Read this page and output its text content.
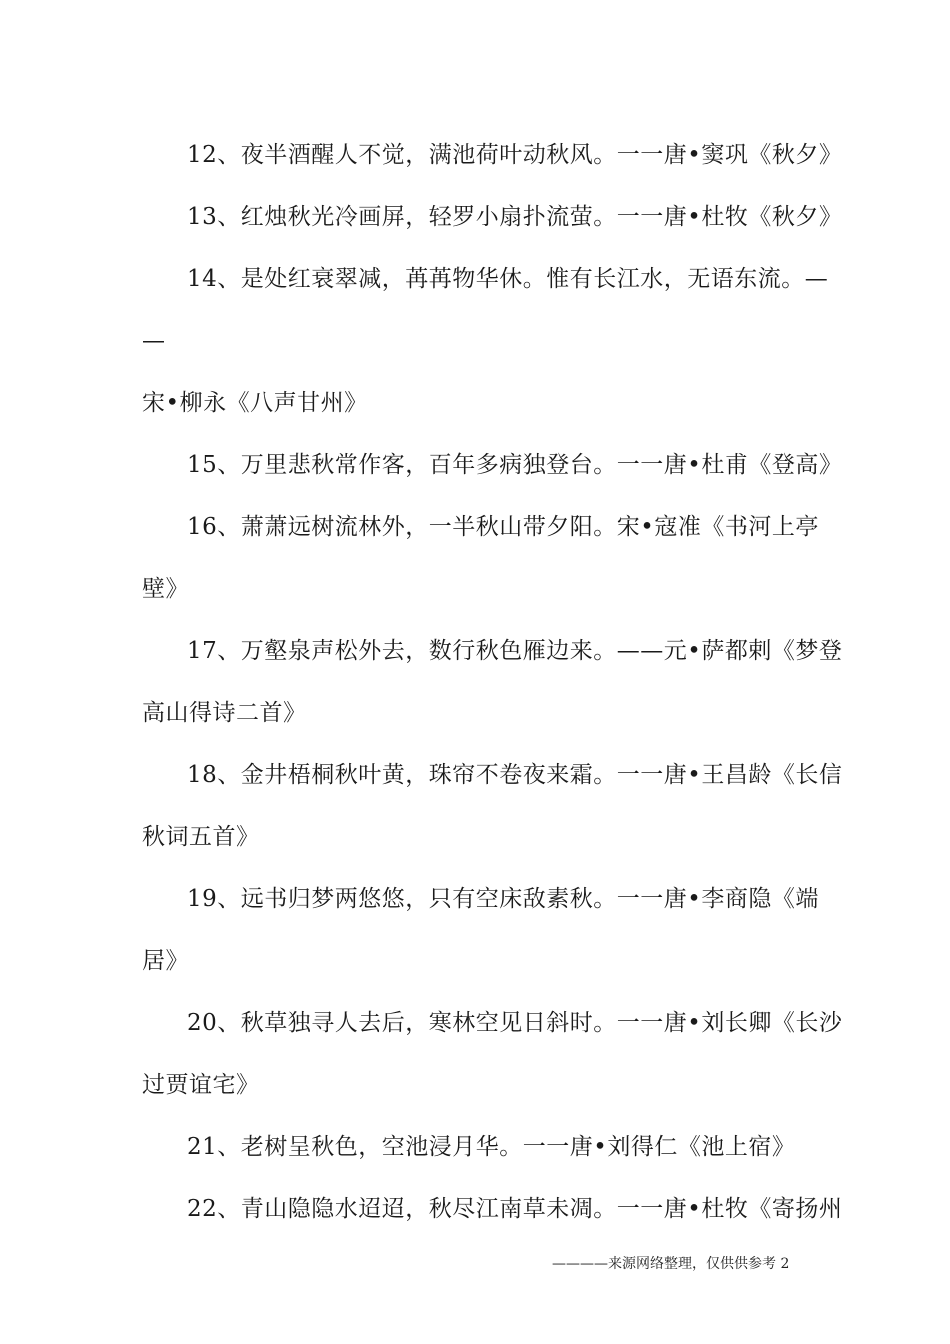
12、夜半酒醒人不觉，满池荷叶动秋风。一一唐•窦巩《秋夕》
13、红烛秋光冷画屏，轻罗小扇扑流萤。一一唐•杜牧《秋夕》
14、是处红衰翠减，苒苒物华休。惟有长江水，无语东流。—
—
宋•柳永《八声甘州》
15、万里悲秋常作客，百年多病独登台。一一唐•杜甫《登高》
16、萧萧远树流林外，一半秋山带夕阳。宋•寇准《书河上亭
壁》
17、万壑泉声松外去，数行秋色雁边来。——元•萨都剌《梦登
高山得诗二首》
18、金井梧桐秋叶黄，珠帘不卷夜来霜。一一唐•王昌龄《长信
秋词五首》
19、远书归梦两悠悠，只有空床敌素秋。一一唐•李商隐《端
居》
20、秋草独寻人去后，寒林空见日斜时。一一唐•刘长卿《长沙
过贾谊宅》
21、老树呈秋色，空池浸月华。一一唐•刘得仁《池上宿》
22、青山隐隐水迢迢，秋尽江南草未凋。一一唐•杜牧《寄扬州
————来源网络整理，仅供供参考 2
